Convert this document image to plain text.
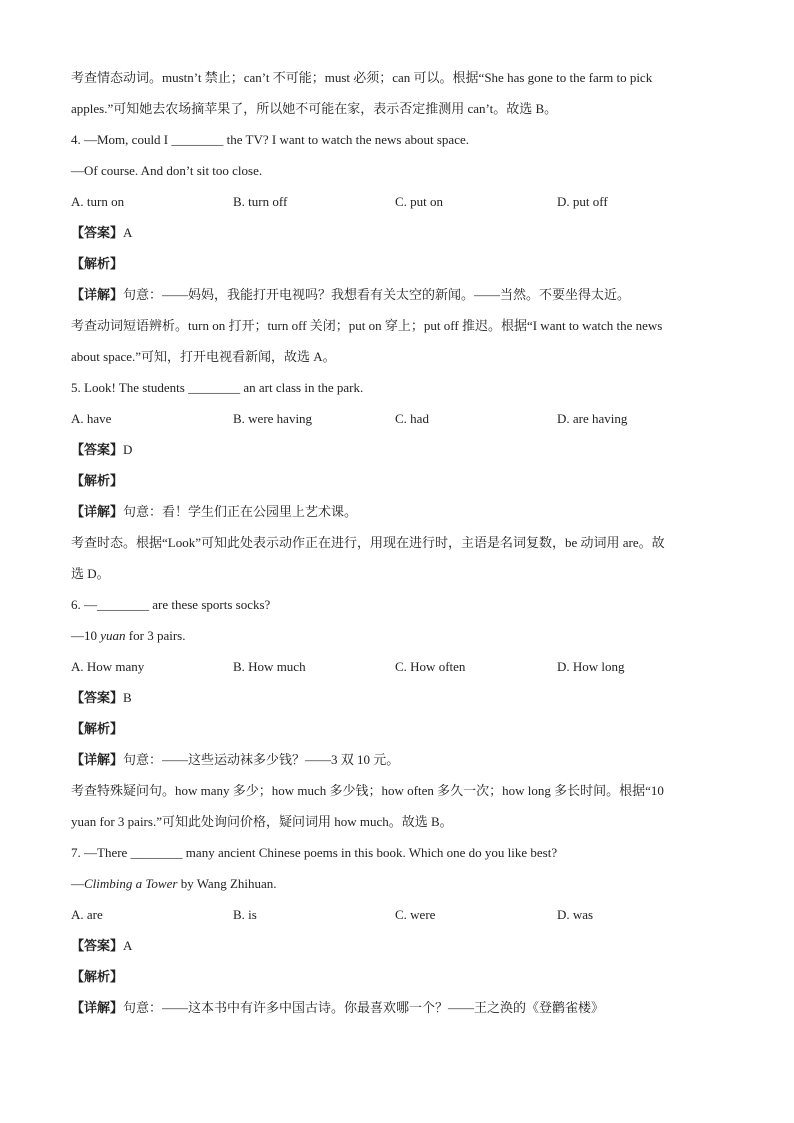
考查情态动词。mustn’t 禁止；can’t 不可能；must 必须；can 可以。根据“She has gone to the farm to pick
apples.”可知她去农场摘苹果了，所以她不可能在家，表示否定推测用 can’t。故选 B。
4. —Mom, could I ________ the TV? I want to watch the news about space.
—Of course. And don’t sit too close.
A. turn on	B. turn off	C. put on	D. put off
【答案】A
【解析】
【详解】句意：——妈妈，我能打开电视吗？我想看有关太空的新闻。——当然。不要坐得太近。
考查动词短语辨析。turn on 打开；turn off 关闭；put on 穿上；put off 推迟。根据“I want to watch the news
about space.”可知，打开电视看新闻，故选 A。
5. Look! The students ________ an art class in the park.
A. have	B. were having	C. had	D. are having
【答案】D
【解析】
【详解】句意：看！学生们正在公园里上艺术课。
考查时态。根据“Look”可知此处表示动作正在进行，用现在进行时，主语是名词复数，be 动词用 are。故
选 D。
6. —________ are these sports socks?
—10 yuan for 3 pairs.
A. How many	B. How much	C. How often	D. How long
【答案】B
【解析】
【详解】句意：——这些运动袜多少钱？——3 双 10 元。
考查特殊疑问句。how many 多少；how much 多少钱；how often 多久一次；how long 多长时间。根据“10
yuan for 3 pairs.”可知此处询问价格，疑问词用 how much。故选 B。
7. —There ________ many ancient Chinese poems in this book. Which one do you like best?
—Climbing a Tower by Wang Zhihuan.
A. are	B. is	C. were	D. was
【答案】A
【解析】
【详解】句意：——这本书中有许多中国古诗。你最喜欢哪一个？——王之涣的《登鹳雀楼》
